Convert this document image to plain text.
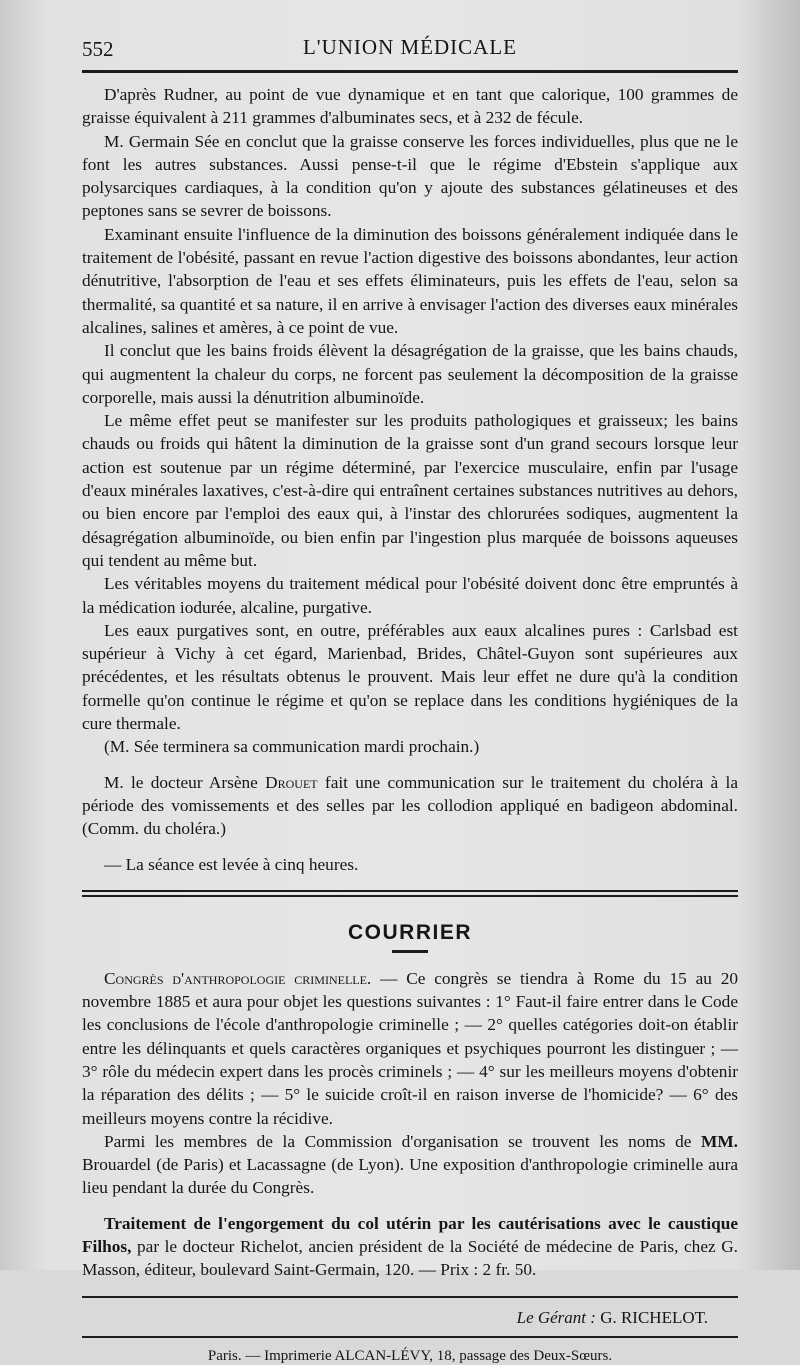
552	L'UNION MÉDICALE

D'après Rudner, au point de vue dynamique et en tant que calorique, 100 grammes de graisse équivalent à 211 grammes d'albuminates secs, et à 232 de fécule.

M. Germain Sée en conclut que la graisse conserve les forces individuelles, plus que ne le font les autres substances. Aussi pense-t-il que le régime d'Ebstein s'applique aux polysarciques cardiaques, à la condition qu'on y ajoute des substances gélatineuses et des peptones sans se sevrer de boissons.

Examinant ensuite l'influence de la diminution des boissons généralement indiquée dans le traitement de l'obésité, passant en revue l'action digestive des boissons abondantes, leur action dénutritive, l'absorption de l'eau et ses effets éliminateurs, puis les effets de l'eau, selon sa thermalité, sa quantité et sa nature, il en arrive à envisager l'action des diverses eaux minérales alcalines, salines et amères, à ce point de vue.

Il conclut que les bains froids élèvent la désagrégation de la graisse, que les bains chauds, qui augmentent la chaleur du corps, ne forcent pas seulement la décomposition de la graisse corporelle, mais aussi la dénutrition albuminoïde.

Le même effet peut se manifester sur les produits pathologiques et graisseux; les bains chauds ou froids qui hâtent la diminution de la graisse sont d'un grand secours lorsque leur action est soutenue par un régime déterminé, par l'exercice musculaire, enfin par l'usage d'eaux minérales laxatives, c'est-à-dire qui entraînent certaines substances nutritives au dehors, ou bien encore par l'emploi des eaux qui, à l'instar des chlorurées sodiques, augmentent la désagrégation albuminoïde, ou bien enfin par l'ingestion plus marquée de boissons aqueuses qui tendent au même but.

Les véritables moyens du traitement médical pour l'obésité doivent donc être empruntés à la médication iodurée, alcaline, purgative.

Les eaux purgatives sont, en outre, préférables aux eaux alcalines pures : Carlsbad est supérieur à Vichy à cet égard, Marienbad, Brides, Châtel-Guyon sont supérieures aux précédentes, et les résultats obtenus le prouvent. Mais leur effet ne dure qu'à la condition formelle qu'on continue le régime et qu'on se replace dans les conditions hygiéniques de la cure thermale.

(M. Sée terminera sa communication mardi prochain.)

M. le docteur Arsène Drouet fait une communication sur le traitement du choléra à la période des vomissements et des selles par les collodion appliqué en badigeon abdominal. (Comm. du choléra.)

— La séance est levée à cinq heures.

COURRIER

Congrès d'anthropologie criminelle. — Ce congrès se tiendra à Rome du 15 au 20 novembre 1885 et aura pour objet les questions suivantes : 1° Faut-il faire entrer dans le Code les conclusions de l'école d'anthropologie criminelle ; — 2° quelles catégories doit-on établir entre les délinquants et quels caractères organiques et psychiques pourront les distinguer ; — 3° rôle du médecin expert dans les procès criminels ; — 4° sur les meilleurs moyens d'obtenir la réparation des délits ; — 5° le suicide croît-il en raison inverse de l'homicide? — 6° des meilleurs moyens contre la récidive.

Parmi les membres de la Commission d'organisation se trouvent les noms de MM. Brouardel (de Paris) et Lacassagne (de Lyon). Une exposition d'anthropologie criminelle aura lieu pendant la durée du Congrès.

Traitement de l'engorgement du col utérin par les cautérisations avec le caustique Filhos, par le docteur Richelot, ancien président de la Société de médecine de Paris, chez G. Masson, éditeur, boulevard Saint-Germain, 120. — Prix : 2 fr. 50.

Le Gérant : G. RICHELOT.
Paris. — Imprimerie ALCAN-LÉVY, 18, passage des Deux-Sœurs.
